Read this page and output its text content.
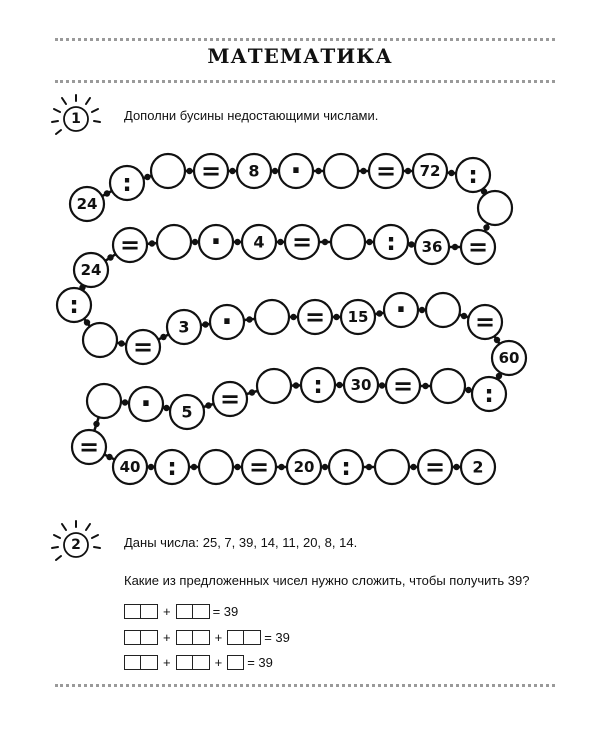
МАТЕМАТИКА
1	Дополни бусины недостающими числами.
24
:	= 8 ·	= 72 :
=
36
:
=
4
·
=
24
:
=
3 ·	= 15 ·	=
60
:
=
30
:
=
5
·
=
40 :	= 20 :	= 2
2	Даны числа: 25, 7, 39, 14, 11, 20, 8, 14.
Какие из предложенных чисел нужно сложить, чтобы получить 39?
+	= 39
+	+	= 39
+	+ = 39
